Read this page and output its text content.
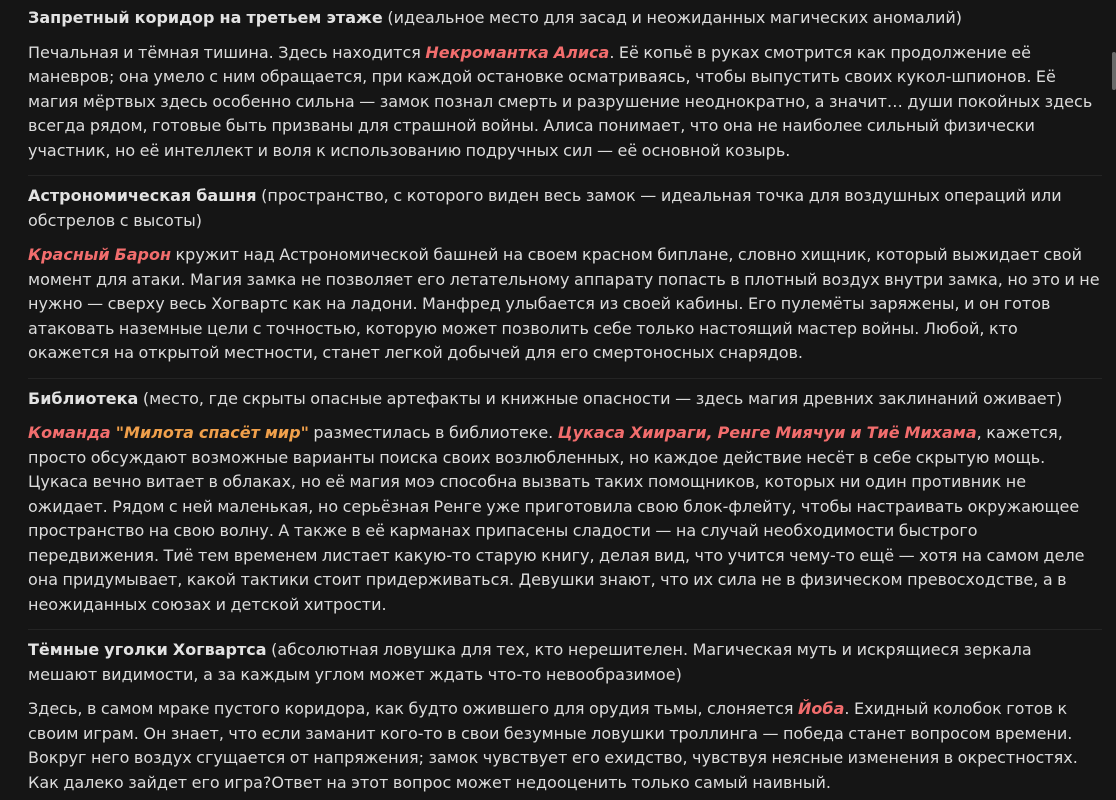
Запретный коридор на третьем этаже (идеальное место для засад и неожиданных магических аномалий)

Печальная и тёмная тишина. Здесь находится Некромантка Алиса. Её копьё в руках смотрится как продолжение её маневров; она умело с ним обращается, при каждой остановке осматриваясь, чтобы выпустить своих кукол-шпионов. Её магия мёртвых здесь особенно сильна — замок познал смерть и разрушение неоднократно, а значит… души покойных здесь всегда рядом, готовые быть призваны для страшной войны. Алиса понимает, что она не наиболее сильный физически участник, но её интеллект и воля к использованию подручных сил — её основной козырь.

Астрономическая башня (пространство, с которого виден весь замок — идеальная точка для воздушных операций или обстрелов с высоты)

Красный Барон кружит над Астрономической башней на своем красном биплане, словно хищник, который выжидает свой момент для атаки. Магия замка не позволяет его летательному аппарату попасть в плотный воздух внутри замка, но это и не нужно — сверху весь Хогвартс как на ладони. Манфред улыбается из своей кабины. Его пулемёты заряжены, и он готов атаковать наземные цели с точностью, которую может позволить себе только настоящий мастер войны. Любой, кто окажется на открытой местности, станет легкой добычей для его смертоносных снарядов.

Библиотека (место, где скрыты опасные артефакты и книжные опасности — здесь магия древних заклинаний оживает)

Команда "Милота спасёт мир" разместилась в библиотеке. Цукаса Хиираги, Ренге Миячуи и Тиё Михама, кажется, просто обсуждают возможные варианты поиска своих возлюбленных, но каждое действие несёт в себе скрытую мощь. Цукаса вечно витает в облаках, но её магия моэ способна вызвать таких помощников, которых ни один противник не ожидает. Рядом с ней маленькая, но серьёзная Ренге уже приготовила свою блок-флейту, чтобы настраивать окружающее пространство на свою волну. А также в её карманах припасены сладости — на случай необходимости быстрого передвижения. Тиё тем временем листает какую-то старую книгу, делая вид, что учится чему-то ещё — хотя на самом деле она придумывает, какой тактики стоит придерживаться. Девушки знают, что их сила не в физическом превосходстве, а в неожиданных союзах и детской хитрости.

Тёмные уголки Хогвартса (абсолютная ловушка для тех, кто нерешителен. Магическая муть и искрящиеся зеркала мешают видимости, а за каждым углом может ждать что-то невообразимое)

Здесь, в самом мраке пустого коридора, как будто ожившего для орудия тьмы, слоняется Йоба. Ехидный колобок готов к своим играм. Он знает, что если заманит кого-то в свои безумные ловушки троллинга — победа станет вопросом времени. Вокруг него воздух сгущается от напряжения; замок чувствует его ехидство, чувствуя неясные изменения в окрестностях. Как далеко зайдет его игра?Ответ на этот вопрос может недооценить только самый наивный.
